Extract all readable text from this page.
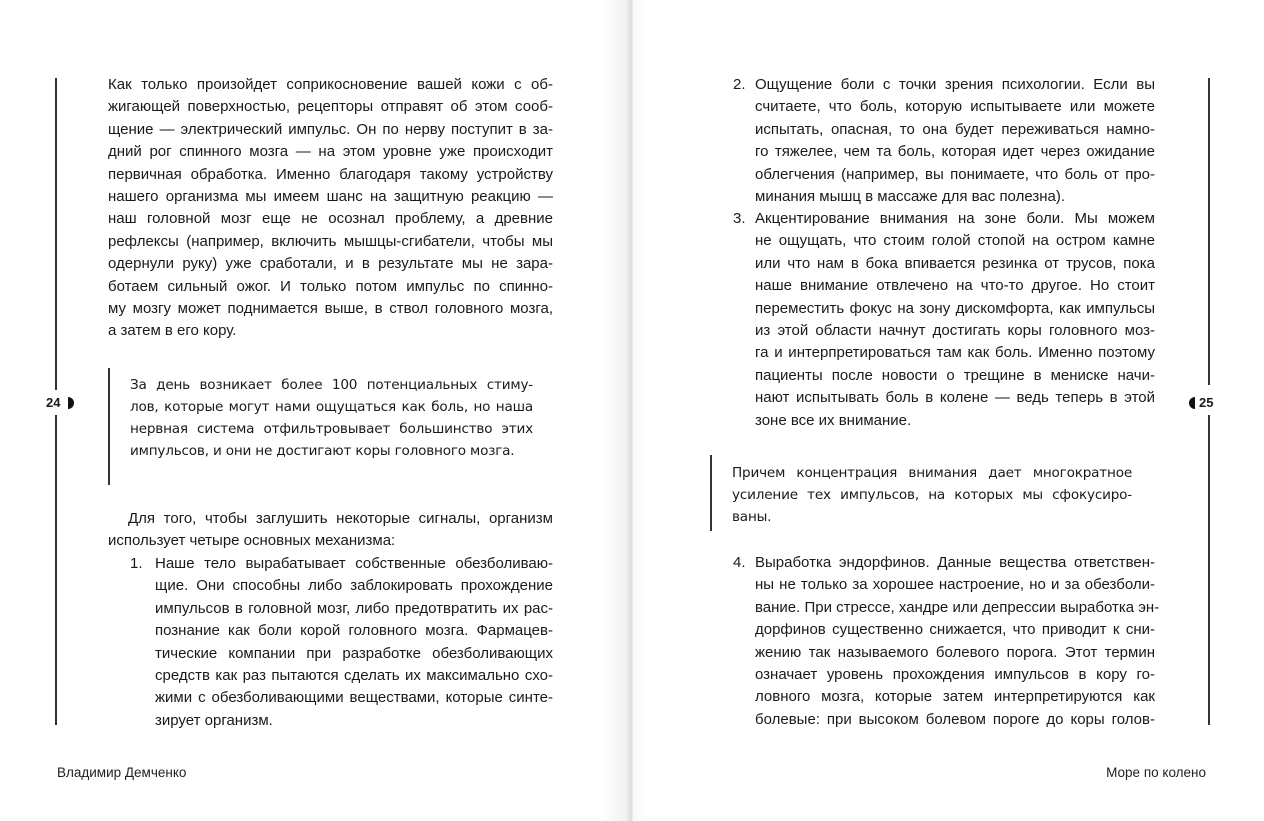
24
Как только произойдет соприкосновение вашей кожи с об-
жигающей поверхностью, рецепторы отправят об этом сооб-
щение — электрический импульс. Он по нерву поступит в за-
дний рог спинного мозга — на этом уровне уже происходит
первичная обработка. Именно благодаря такому устройству
нашего организма мы имеем шанс на защитную реакцию —
наш головной мозг еще не осознал проблему, а древние
рефлексы (например, включить мышцы-сгибатели, чтобы мы
одернули руку) уже сработали, и в результате мы не зара-
ботаем сильный ожог. И только потом импульс по спинно-
му мозгу может поднимается выше, в ствол головного мозга,
а затем в его кору.
За день возникает более 100 потенциальных стиму-
лов, которые могут нами ощущаться как боль, но наша
нервная система отфильтровывает большинство этих
импульсов, и они не достигают коры головного мозга.
Для того, чтобы заглушить некоторые сигналы, организм
использует четыре основных механизма:
1. Наше тело вырабатывает собственные обезболиваю-
щие. Они способны либо заблокировать прохождение
импульсов в головной мозг, либо предотвратить их рас-
познание как боли корой головного мозга. Фармацев-
тические компании при разработке обезболивающих
средств как раз пытаются сделать их максимально схо-
жими с обезболивающими веществами, которые синте-
зирует организм.
Владимир Демченко
25
2. Ощущение боли с точки зрения психологии. Если вы
считаете, что боль, которую испытываете или можете
испытать, опасная, то она будет переживаться намно-
го тяжелее, чем та боль, которая идет через ожидание
облегчения (например, вы понимаете, что боль от про-
минания мышц в массаже для вас полезна).
3. Акцентирование внимания на зоне боли. Мы можем
не ощущать, что стоим голой стопой на остром камне
или что нам в бока впивается резинка от трусов, пока
наше внимание отвлечено на что-то другое. Но стоит
переместить фокус на зону дискомфорта, как импульсы
из этой области начнут достигать коры головного моз-
га и интерпретироваться там как боль. Именно поэтому
пациенты после новости о трещине в мениске начи-
нают испытывать боль в колене — ведь теперь в этой
зоне все их внимание.
Причем концентрация внимания дает многократное
усиление тех импульсов, на которых мы сфокусиро-
ваны.
4. Выработка эндорфинов. Данные вещества ответствен-
ны не только за хорошее настроение, но и за обезболи-
вание. При стрессе, хандре или депрессии выработка эн-
дорфинов существенно снижается, что приводит к сни-
жению так называемого болевого порога. Этот термин
означает уровень прохождения импульсов в кору го-
ловного мозга, которые затем интерпретируются как
болевые: при высоком болевом пороге до коры голов-
Море по колено
